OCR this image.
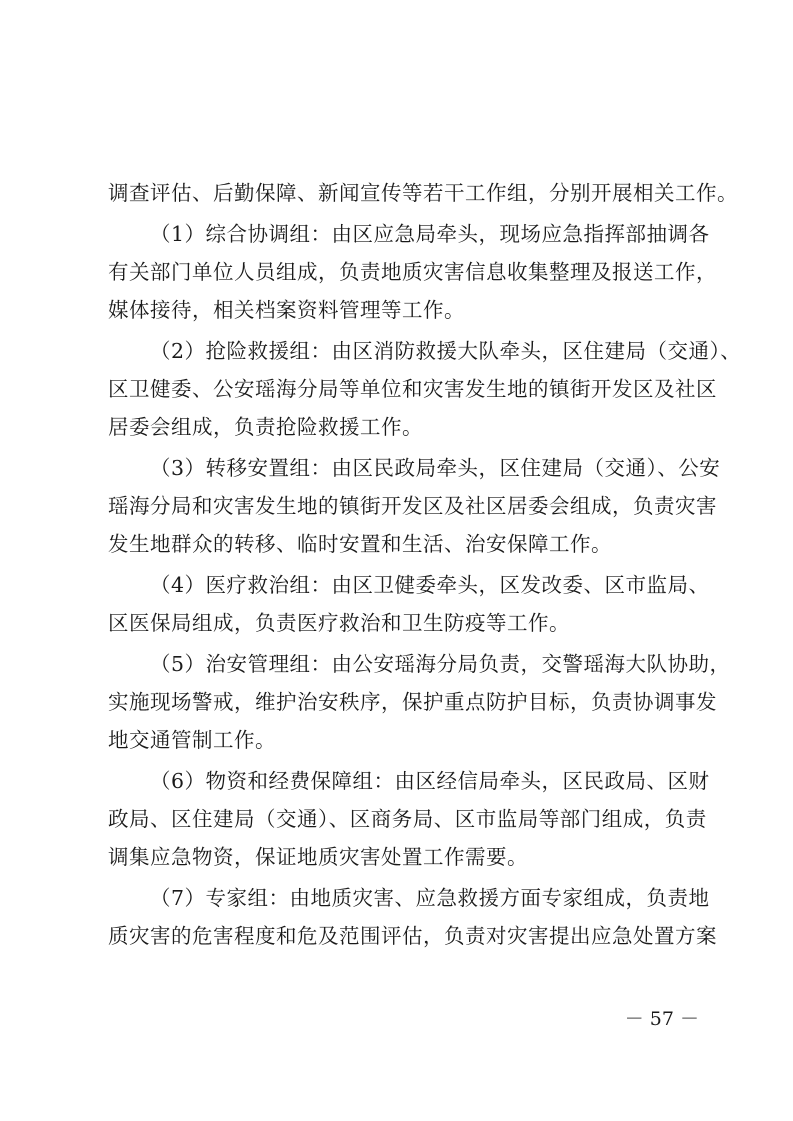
调查评估、后勤保障、新闻宣传等若干工作组，分别开展相关工作。
（1）综合协调组：由区应急局牵头，现场应急指挥部抽调各
有关部门单位人员组成，负责地质灾害信息收集整理及报送工作，
媒体接待，相关档案资料管理等工作。
（2）抢险救援组：由区消防救援大队牵头，区住建局（交通）、
区卫健委、公安瑶海分局等单位和灾害发生地的镇街开发区及社区
居委会组成，负责抢险救援工作。
（3）转移安置组：由区民政局牵头，区住建局（交通）、公安
瑶海分局和灾害发生地的镇街开发区及社区居委会组成，负责灾害
发生地群众的转移、临时安置和生活、治安保障工作。
（4）医疗救治组：由区卫健委牵头，区发改委、区市监局、
区医保局组成，负责医疗救治和卫生防疫等工作。
（5）治安管理组：由公安瑶海分局负责，交警瑶海大队协助，
实施现场警戒，维护治安秩序，保护重点防护目标，负责协调事发
地交通管制工作。
（6）物资和经费保障组：由区经信局牵头，区民政局、区财
政局、区住建局（交通）、区商务局、区市监局等部门组成，负责
调集应急物资，保证地质灾害处置工作需要。
（7）专家组：由地质灾害、应急救援方面专家组成，负责地
质灾害的危害程度和危及范围评估，负责对灾害提出应急处置方案
－ 57 －
